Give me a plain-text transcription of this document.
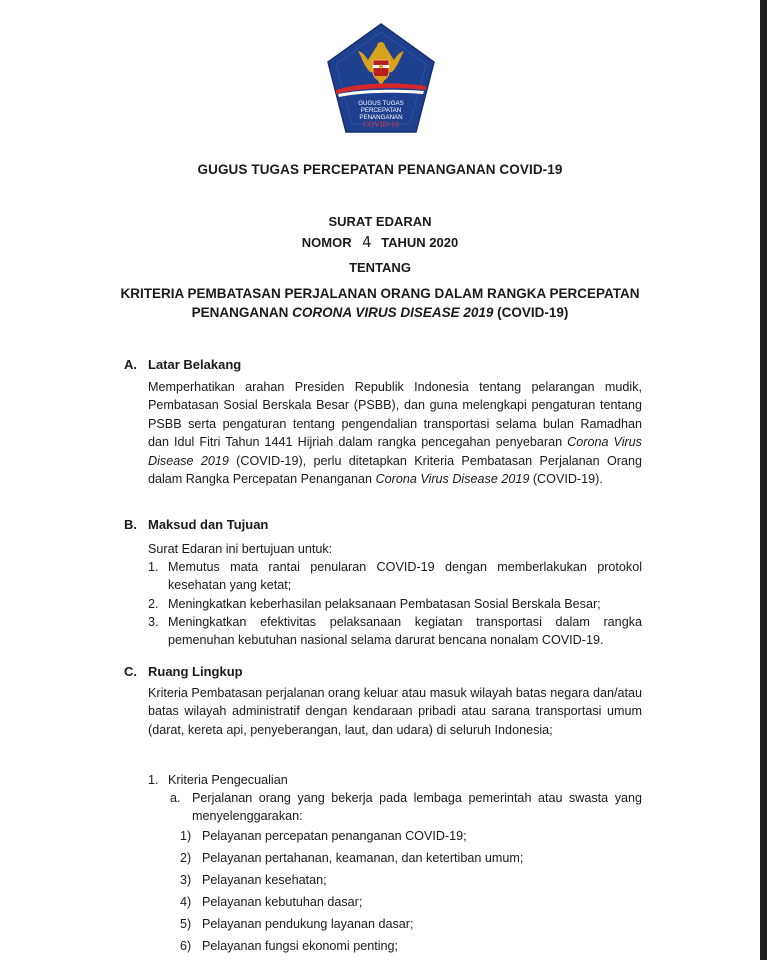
GUGUS TUGAS
PERCEPATAN
PENANGANAN
COVID-19
GUGUS TUGAS PERCEPATAN PENANGANAN COVID-19
SURAT EDARAN
NOMOR 4 TAHUN 2020
TENTANG
KRITERIA PEMBATASAN PERJALANAN ORANG DALAM RANGKA PERCEPATAN
PENANGANAN CORONA VIRUS DISEASE 2019 (COVID-19)
A. Latar Belakang
Memperhatikan arahan Presiden Republik Indonesia tentang pelarangan mudik, Pembatasan Sosial Berskala Besar (PSBB), dan guna melengkapi pengaturan tentang PSBB serta pengaturan tentang pengendalian transportasi selama bulan Ramadhan dan Idul Fitri Tahun 1441 Hijriah dalam rangka pencegahan penyebaran Corona Virus Disease 2019 (COVID-19), perlu ditetapkan Kriteria Pembatasan Perjalanan Orang dalam Rangka Percepatan Penanganan Corona Virus Disease 2019 (COVID-19).
B. Maksud dan Tujuan
Surat Edaran ini bertujuan untuk:
1. Memutus mata rantai penularan COVID-19 dengan memberlakukan protokol kesehatan yang ketat;
2. Meningkatkan keberhasilan pelaksanaan Pembatasan Sosial Berskala Besar;
3. Meningkatkan efektivitas pelaksanaan kegiatan transportasi dalam rangka pemenuhan kebutuhan nasional selama darurat bencana nonalam COVID-19.
C. Ruang Lingkup
Kriteria Pembatasan perjalanan orang keluar atau masuk wilayah batas negara dan/atau batas wilayah administratif dengan kendaraan pribadi atau sarana transportasi umum (darat, kereta api, penyeberangan, laut, dan udara) di seluruh Indonesia;
1. Kriteria Pengecualian
a. Perjalanan orang yang bekerja pada lembaga pemerintah atau swasta yang menyelenggarakan:
1) Pelayanan percepatan penanganan COVID-19;
2) Pelayanan pertahanan, keamanan, dan ketertiban umum;
3) Pelayanan kesehatan;
4) Pelayanan kebutuhan dasar;
5) Pelayanan pendukung layanan dasar;
6) Pelayanan fungsi ekonomi penting;
